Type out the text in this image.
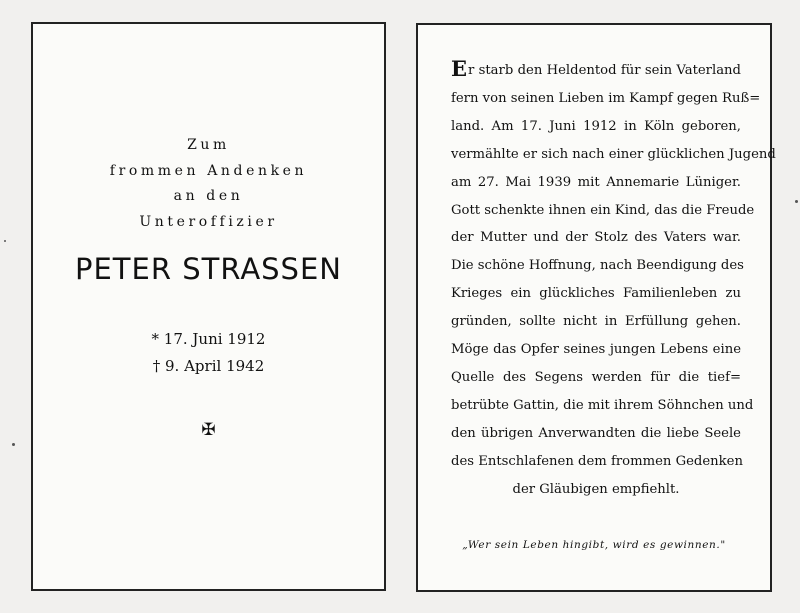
Zum
frommen Andenken
an den
Unteroffizier
PETER STRASSEN
* 17. Juni 1912
† 9. April 1942
✠
Er starb den Heldentod für sein Vaterland
fern von seinen Lieben im Kampf gegen Ruß=
land. Am 17. Juni 1912 in Köln geboren,
vermählte er sich nach einer glücklichen Jugend
am 27. Mai 1939 mit Annemarie Lüniger.
Gott schenkte ihnen ein Kind, das die Freude
der Mutter und der Stolz des Vaters war.
Die schöne Hoffnung, nach Beendigung des
Krieges ein glückliches Familienleben zu
gründen, sollte nicht in Erfüllung gehen.
Möge das Opfer seines jungen Lebens eine
Quelle des Segens werden für die tief=
betrübte Gattin, die mit ihrem Söhnchen und
den übrigen Anverwandten die liebe Seele
des Entschlafenen dem frommen Gedenken
der Gläubigen empfiehlt.
„Wer sein Leben hingibt, wird es gewinnen."
